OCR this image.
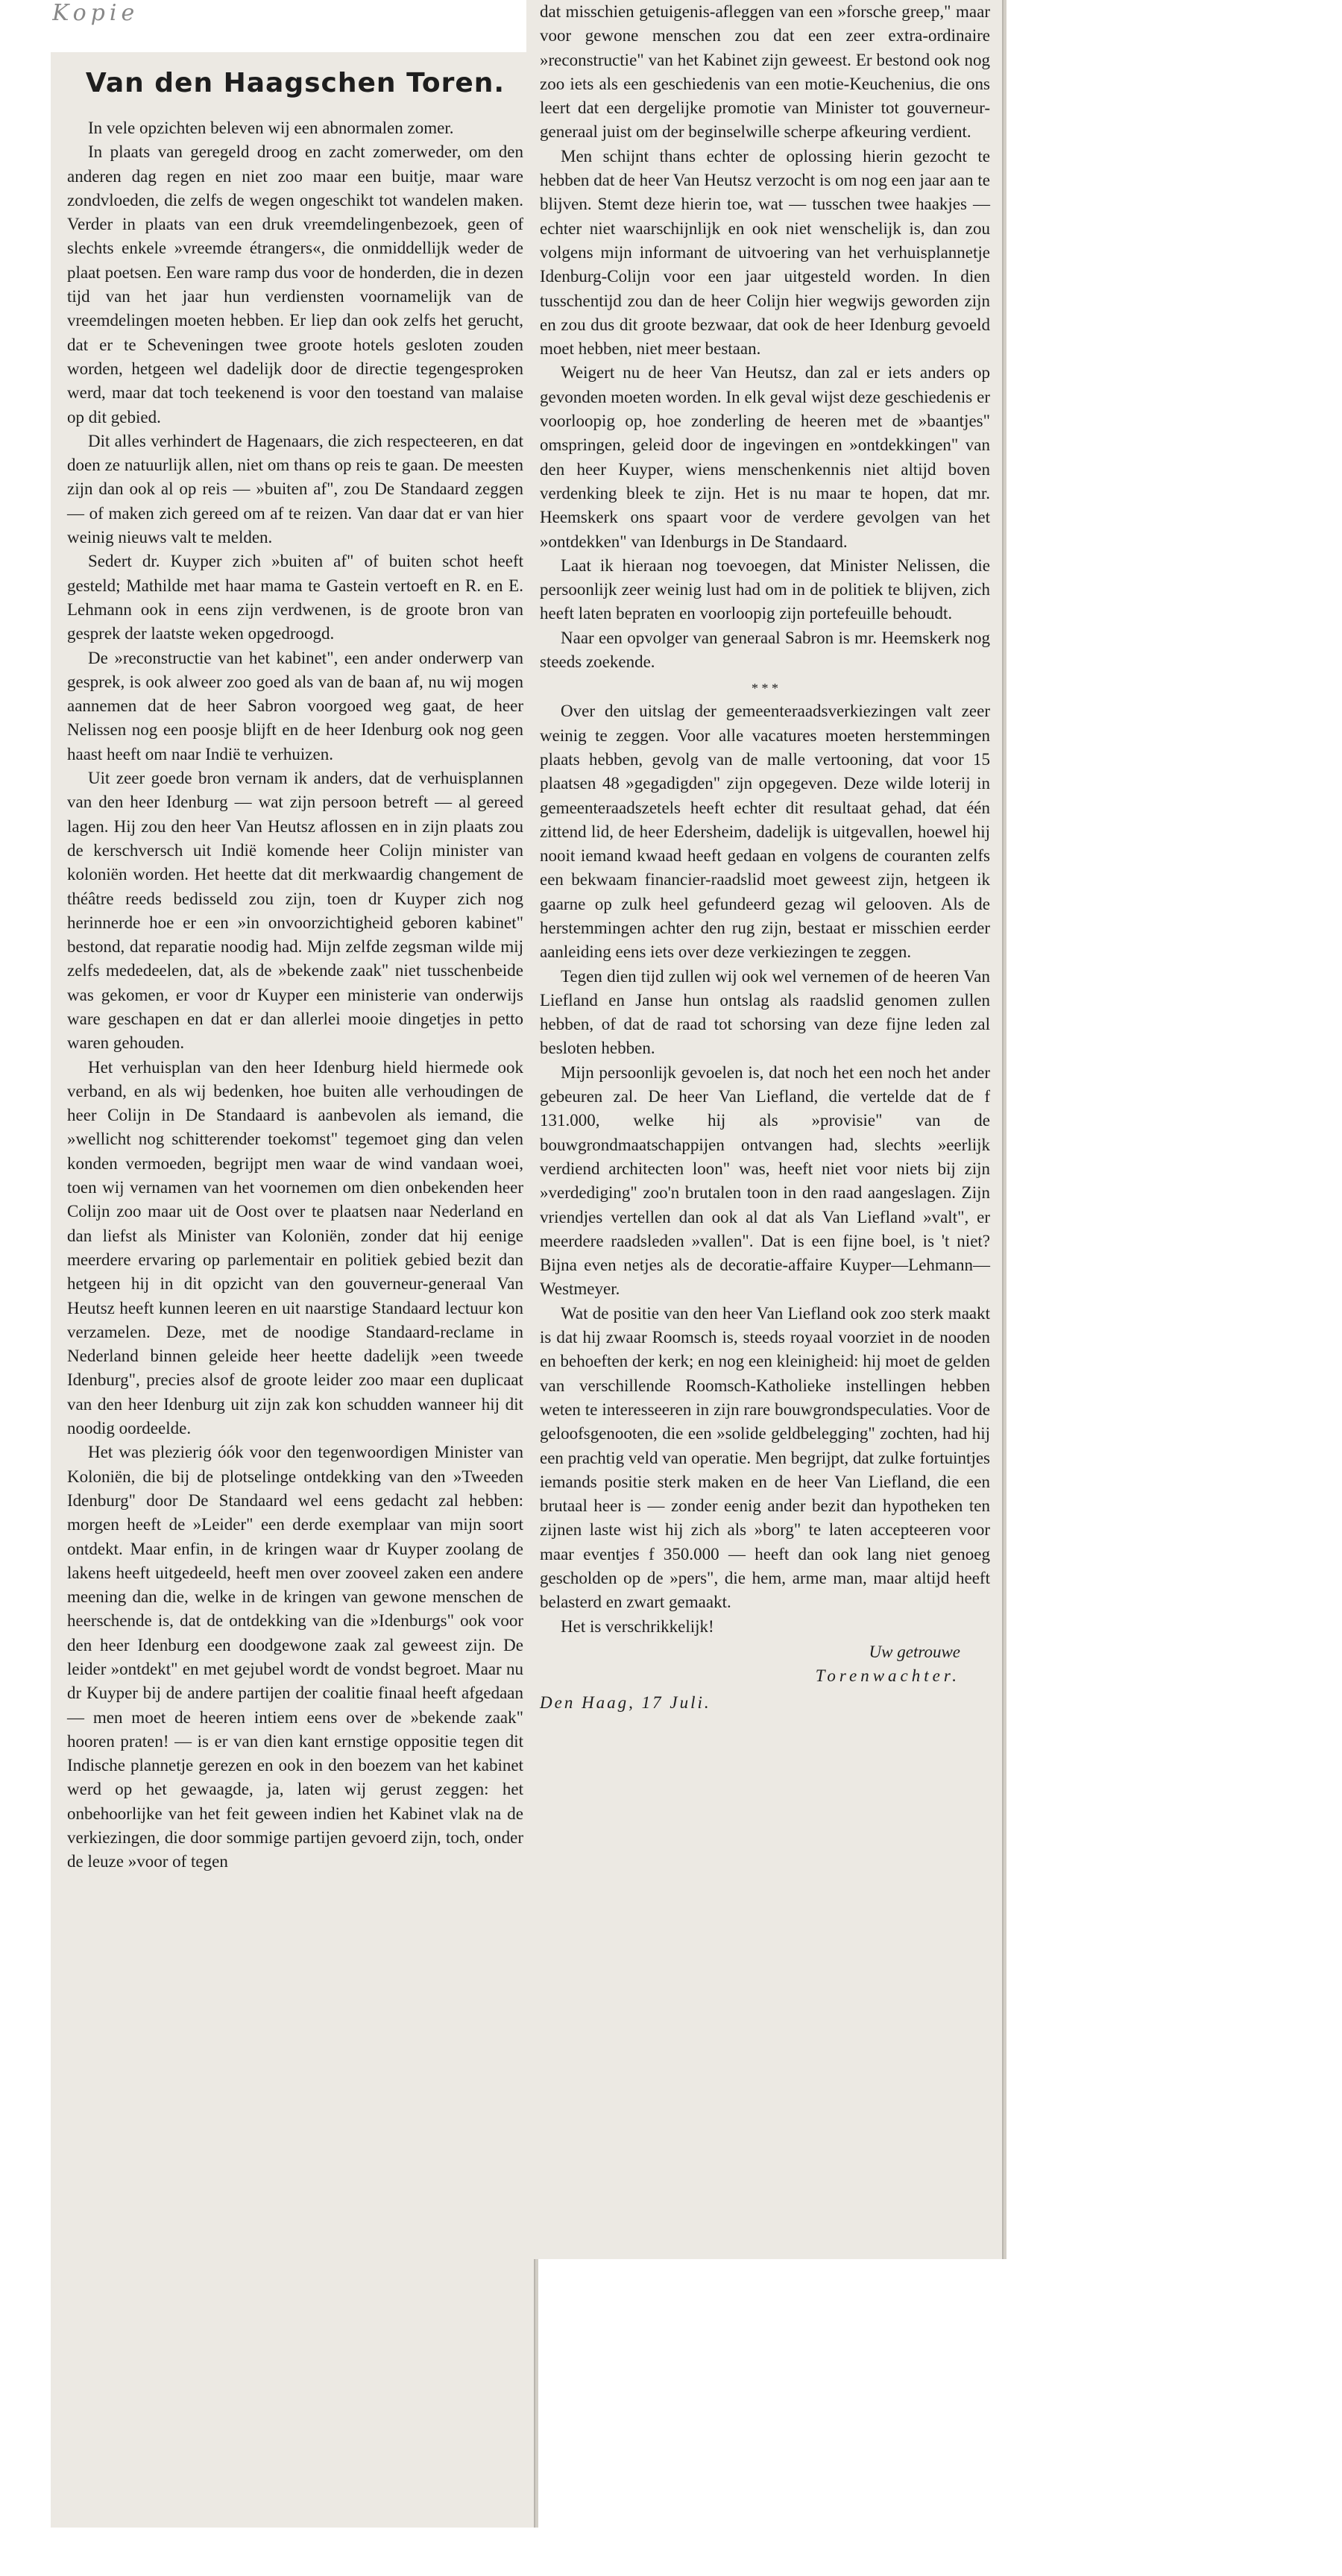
Kopie
Van den Haagschen Toren.

In vele opzichten beleven wij een abnormalen zomer.

In plaats van geregeld droog en zacht zomerweder, om den anderen dag regen en niet zoo maar een buitje, maar ware zondvloeden, die zelfs de wegen ongeschikt tot wandelen maken. Verder in plaats van een druk vreemdelingenbezoek, geen of slechts enkele »vreemde étrangers«, die onmiddellijk weder de plaat poetsen. Een ware ramp dus voor de honderden, die in dezen tijd van het jaar hun verdiensten voornamelijk van de vreemdelingen moeten hebben. Er liep dan ook zelfs het gerucht, dat er te Scheveningen twee groote hotels gesloten zouden worden, hetgeen wel dadelijk door de directie tegengesproken werd, maar dat toch teekenend is voor den toestand van malaise op dit gebied.

Dit alles verhindert de Hagenaars, die zich respecteeren, en dat doen ze natuurlijk allen, niet om thans op reis te gaan. De meesten zijn dan ook al op reis — »buiten af", zou De Standaard zeggen — of maken zich gereed om af te reizen. Van daar dat er van hier weinig nieuws valt te melden.

Sedert dr. Kuyper zich »buiten af" of buiten schot heeft gesteld; Mathilde met haar mama te Gastein vertoeft en R. en E. Lehmann ook in eens zijn verdwenen, is de groote bron van gesprek der laatste weken opgedroogd.

De »reconstructie van het kabinet", een ander onderwerp van gesprek, is ook alweer zoo goed als van de baan af, nu wij mogen aannemen dat de heer Sabron voorgoed weg gaat, de heer Nelissen nog een poosje blijft en de heer Idenburg ook nog geen haast heeft om naar Indië te verhuizen.

Uit zeer goede bron vernam ik anders, dat de verhuisplannen van den heer Idenburg — wat zijn persoon betreft — al gereed lagen. Hij zou den heer Van Heutsz aflossen en in zijn plaats zou de kerschversch uit Indië komende heer Colijn minister van koloniën worden. Het heette dat dit merkwaardig changement de théâtre reeds bedisseld zou zijn, toen dr Kuyper zich nog herinnerde hoe er een »in onvoorzichtigheid geboren kabinet" bestond, dat reparatie noodig had. Mijn zelfde zegsman wilde mij zelfs mededeelen, dat, als de »bekende zaak" niet tusschenbeide was gekomen, er voor dr Kuyper een ministerie van onderwijs ware geschapen en dat er dan allerlei mooie dingetjes in petto waren gehouden.

Het verhuisplan van den heer Idenburg hield hiermede ook verband, en als wij bedenken, hoe buiten alle verhoudingen de heer Colijn in De Standaard is aanbevolen als iemand, die »wellicht nog schitterender toekomst" tegemoet ging dan velen konden vermoeden, begrijpt men waar de wind vandaan woei, toen wij vernamen van het voornemen om dien onbekenden heer Colijn zoo maar uit de Oost over te plaatsen naar Nederland en dan liefst als Minister van Koloniën, zonder dat hij eenige meerdere ervaring op parlementair en politiek gebied bezit dan hetgeen hij in dit opzicht van den gouverneur-generaal Van Heutsz heeft kunnen leeren en uit naarstige Standaard lectuur kon verzamelen. Deze, met de noodige Standaard-reclame in Nederland binnen geleide heer heette dadelijk »een tweede Idenburg", precies alsof de groote leider zoo maar een duplicaat van den heer Idenburg uit zijn zak kon schudden wanneer hij dit noodig oordeelde.

Het was plezierig óók voor den tegenwoordigen Minister van Koloniën, die bij de plotselinge ontdekking van den »Tweeden Idenburg" door De Standaard wel eens gedacht zal hebben: morgen heeft de »Leider" een derde exemplaar van mijn soort ontdekt. Maar enfin, in de kringen waar dr Kuyper zoolang de lakens heeft uitgedeeld, heeft men over zooveel zaken een andere meening dan die, welke in de kringen van gewone menschen de heerschende is, dat de ontdekking van die »Idenburgs" ook voor den heer Idenburg een doodgewone zaak zal geweest zijn. De leider »ontdekt" en met gejubel wordt de vondst begroet. Maar nu dr Kuyper bij de andere partijen der coalitie finaal heeft afgedaan — men moet de heeren intiem eens over de »bekende zaak" hooren praten! — is er van dien kant ernstige oppositie tegen dit Indische plannetje gerezen en ook in den boezem van het kabinet werd op het gewaagde, ja, laten wij gerust zeggen: het onbehoorlijke van het feit geween indien het Kabinet vlak na de verkiezingen, die door sommige partijen gevoerd zijn, toch, onder de leuze »voor of tegen

dat misschien getuigenis-afleggen van een »forsche greep," maar voor gewone menschen zou dat een zeer extra-ordinaire »reconstructie" van het Kabinet zijn geweest. Er bestond ook nog zoo iets als een geschiedenis van een motie-Keuchenius, die ons leert dat een dergelijke promotie van Minister tot gouverneur-generaal juist om der beginselwille scherpe afkeuring verdient.

Men schijnt thans echter de oplossing hierin gezocht te hebben dat de heer Van Heutsz verzocht is om nog een jaar aan te blijven. Stemt deze hierin toe, wat — tusschen twee haakjes — echter niet waarschijnlijk en ook niet wenschelijk is, dan zou volgens mijn informant de uitvoering van het verhuisplannetje Idenburg-Colijn voor een jaar uitgesteld worden. In dien tusschentijd zou dan de heer Colijn hier wegwijs geworden zijn en zou dus dit groote bezwaar, dat ook de heer Idenburg gevoeld moet hebben, niet meer bestaan.

Weigert nu de heer Van Heutsz, dan zal er iets anders op gevonden moeten worden. In elk geval wijst deze geschiedenis er voorloopig op, hoe zonderling de heeren met de »baantjes" omspringen, geleid door de ingevingen en »ontdekkingen" van den heer Kuyper, wiens menschenkennis niet altijd boven verdenking bleek te zijn. Het is nu maar te hopen, dat mr. Heemskerk ons spaart voor de verdere gevolgen van het »ontdekken" van Idenburgs in De Standaard.

Laat ik hieraan nog toevoegen, dat Minister Nelissen, die persoonlijk zeer weinig lust had om in de politiek te blijven, zich heeft laten bepraten en voorloopig zijn portefeuille behoudt.

Naar een opvolger van generaal Sabron is mr. Heemskerk nog steeds zoekende.

* * *

Over den uitslag der gemeenteraadsverkiezingen valt zeer weinig te zeggen. Voor alle vacatures moeten herstemmingen plaats hebben, gevolg van de malle vertooning, dat voor 15 plaatsen 48 »gegadigden" zijn opgegeven. Deze wilde loterij in gemeenteraadszetels heeft echter dit resultaat gehad, dat één zittend lid, de heer Edersheim, dadelijk is uitgevallen, hoewel hij nooit iemand kwaad heeft gedaan en volgens de couranten zelfs een bekwaam financier-raadslid moet geweest zijn, hetgeen ik gaarne op zulk heel gefundeerd gezag wil gelooven. Als de herstemmingen achter den rug zijn, bestaat er misschien eerder aanleiding eens iets over deze verkiezingen te zeggen.

Tegen dien tijd zullen wij ook wel vernemen of de heeren Van Liefland en Janse hun ontslag als raadslid genomen zullen hebben, of dat de raad tot schorsing van deze fijne leden zal besloten hebben.

Mijn persoonlijk gevoelen is, dat noch het een noch het ander gebeuren zal. De heer Van Liefland, die vertelde dat de f 131.000, welke hij als »provisie" van de bouwgrondmaatschappijen ontvangen had, slechts »eerlijk verdiend architecten loon" was, heeft niet voor niets bij zijn »verdediging" zoo'n brutalen toon in den raad aangeslagen. Zijn vriendjes vertellen dan ook al dat als Van Liefland »valt", er meerdere raadsleden »vallen". Dat is een fijne boel, is 't niet? Bijna even netjes als de decoratie-affaire Kuyper—Lehmann—Westmeyer.

Wat de positie van den heer Van Liefland ook zoo sterk maakt is dat hij zwaar Roomsch is, steeds royaal voorziet in de nooden en behoeften der kerk; en nog een kleinigheid: hij moet de gelden van verschillende Roomsch-Katholieke instellingen hebben weten te interesseeren in zijn rare bouwgrondspeculaties. Voor de geloofsgenooten, die een »solide geldbelegging" zochten, had hij een prachtig veld van operatie. Men begrijpt, dat zulke fortuintjes iemands positie sterk maken en de heer Van Liefland, die een brutaal heer is — zonder eenig ander bezit dan hypotheken ten zijnen laste wist hij zich als »borg" te laten accepteeren voor maar eventjes f 350.000 — heeft dan ook lang niet genoeg gescholden op de »pers", die hem, arme man, maar altijd heeft belasterd en zwart gemaakt.

Het is verschrikkelijk!

Uw getrouwe
Torenwachter.
Den Haag, 17 Juli.
